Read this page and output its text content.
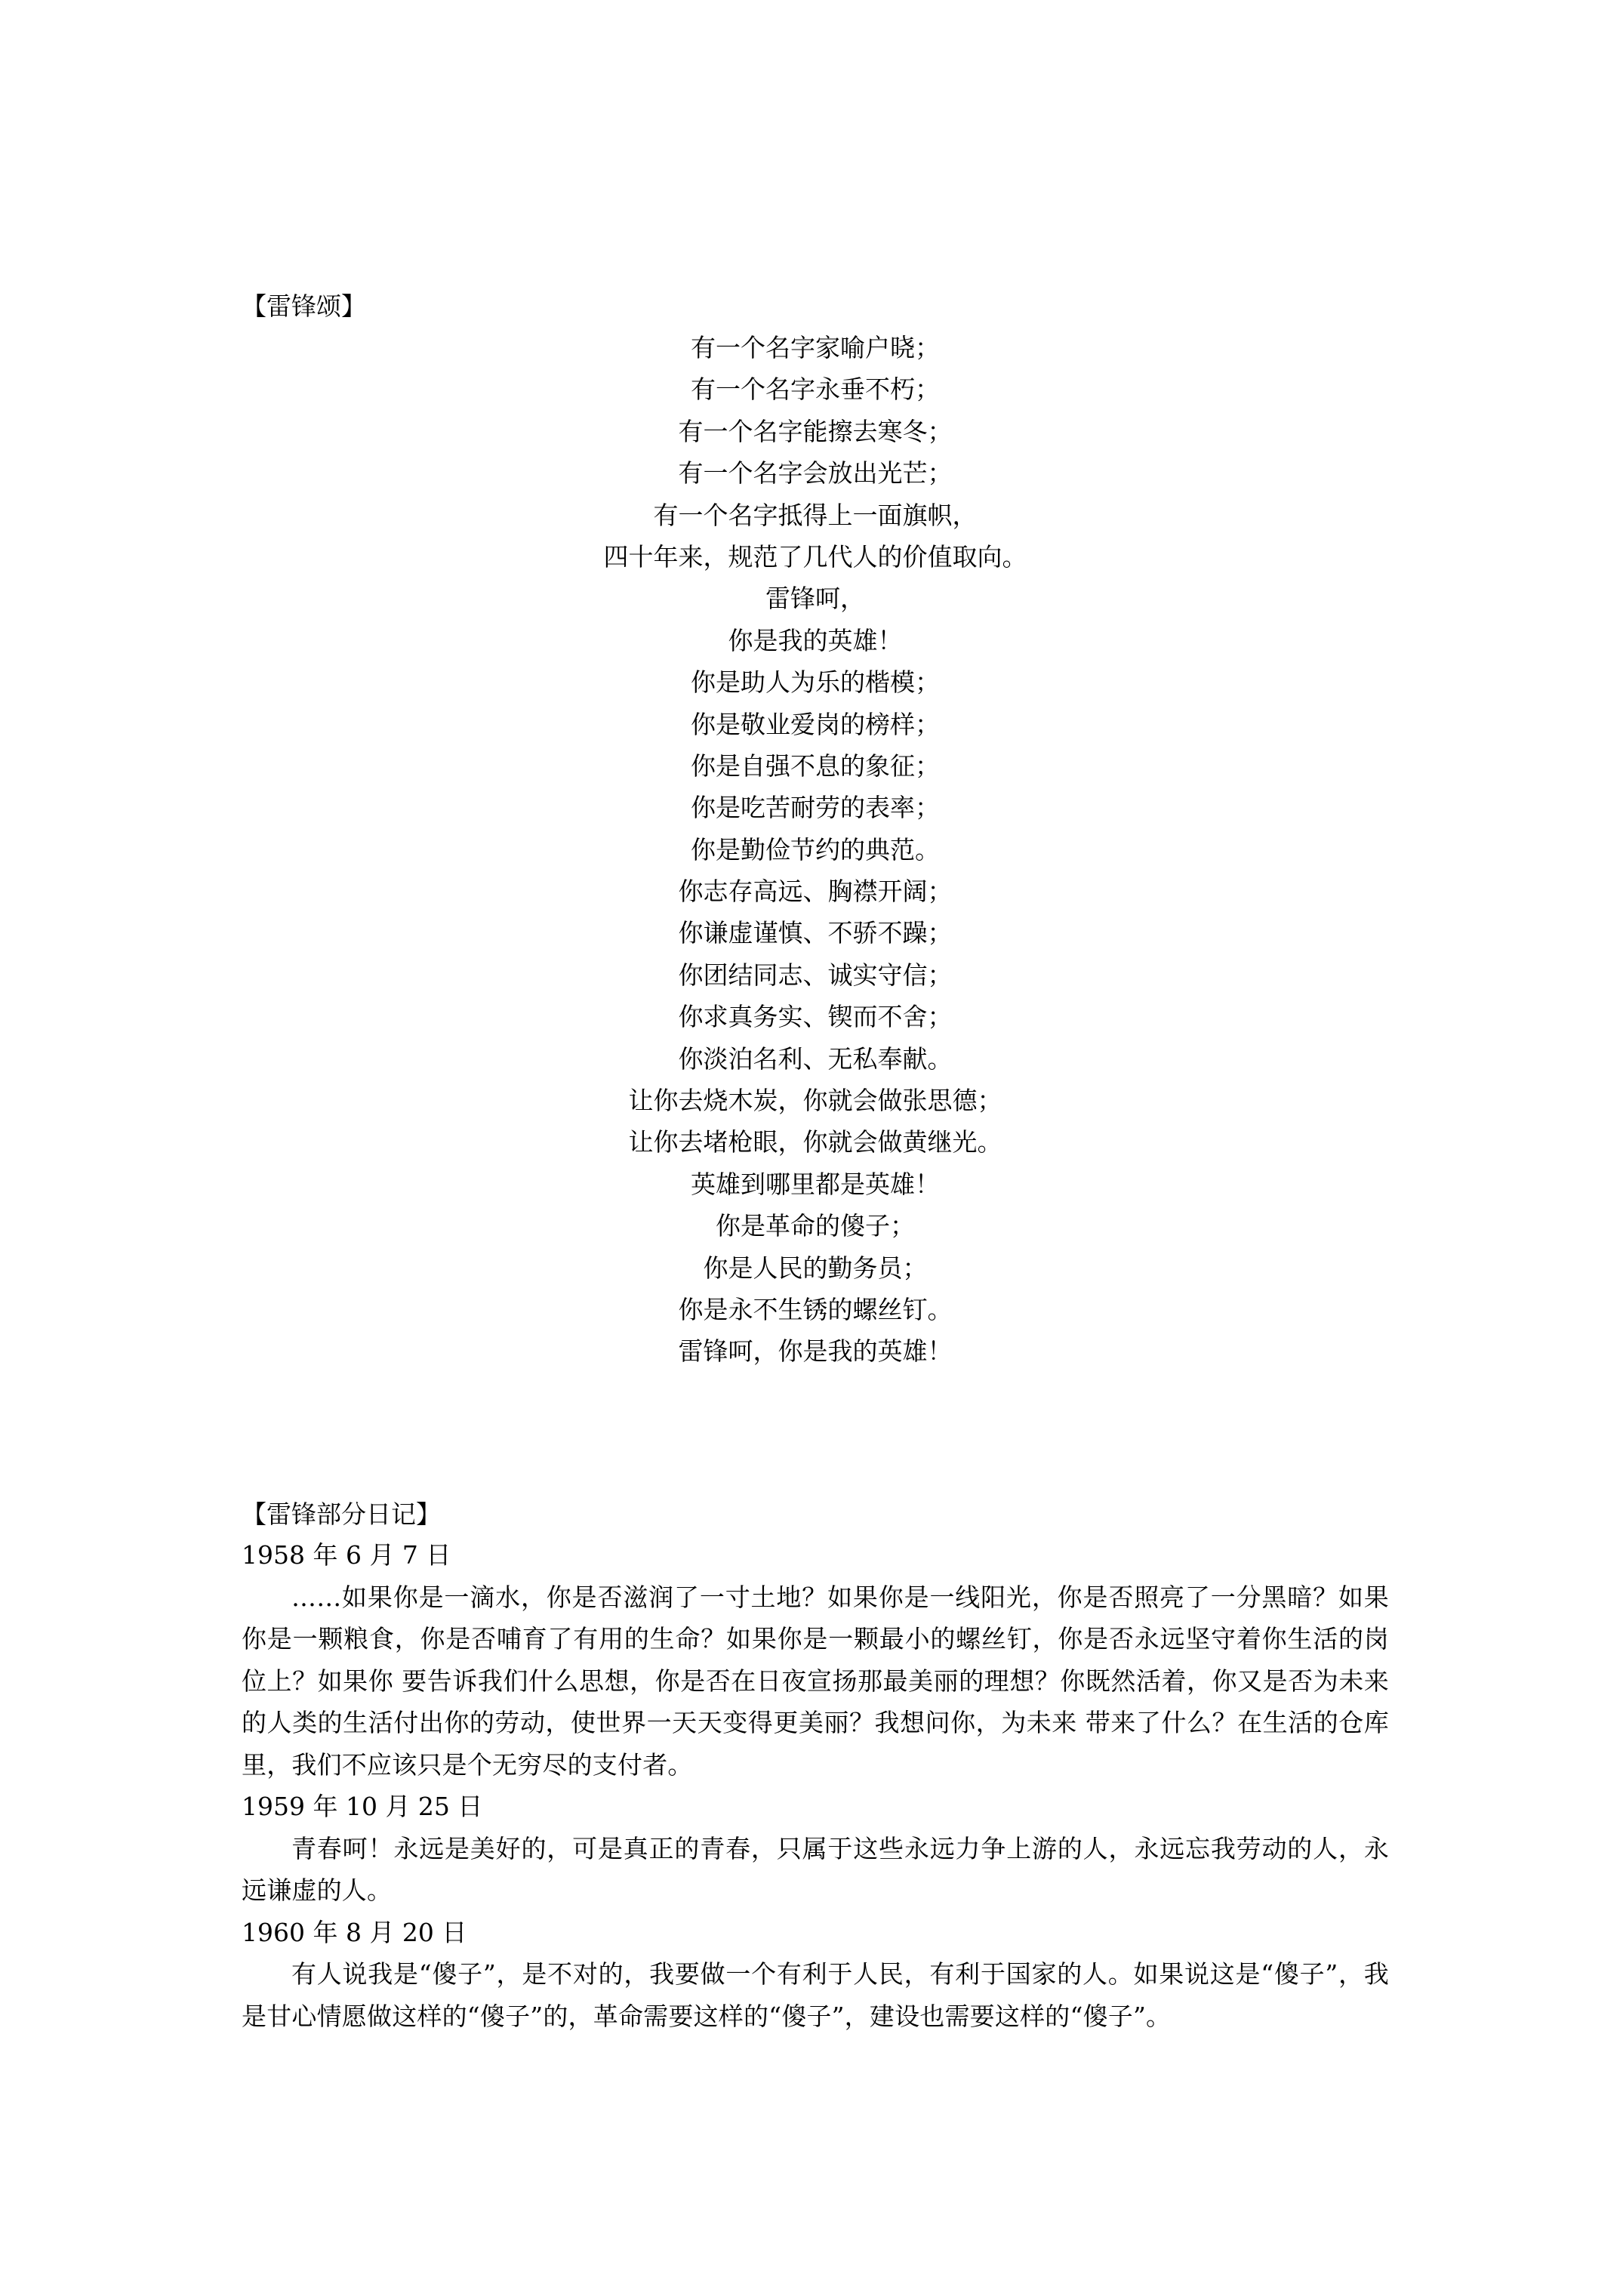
【雷锋颂】
有一个名字家喻户晓；
有一个名字永垂不朽；
有一个名字能擦去寒冬；
有一个名字会放出光芒；
有一个名字抵得上一面旗帜，
四十年来，规范了几代人的价值取向。
雷锋呵，
你是我的英雄！
你是助人为乐的楷模；
你是敬业爱岗的榜样；
你是自强不息的象征；
你是吃苦耐劳的表率；
你是勤俭节约的典范。
你志存高远、胸襟开阔；
你谦虚谨慎、不骄不躁；
你团结同志、诚实守信；
你求真务实、锲而不舍；
你淡泊名利、无私奉献。
让你去烧木炭，你就会做张思德；
让你去堵枪眼，你就会做黄继光。
英雄到哪里都是英雄！
你是革命的傻子；
你是人民的勤务员；
你是永不生锈的螺丝钉。
雷锋呵，你是我的英雄！
【雷锋部分日记】
1958 年 6 月 7 日

……如果你是一滴水，你是否滋润了一寸土地？如果你是一线阳光，你是否照亮了一分黑暗？如果你是一颗粮食，你是否哺育了有用的生命？如果你是一颗最小的螺丝钉，你是否永远坚守着你生活的岗位上？如果你 要告诉我们什么思想，你是否在日夜宣扬那最美丽的理想？你既然活着，你又是否为未来的人类的生活付出你的劳动，使世界一天天变得更美丽？我想问你，为未来 带来了什么？在生活的仓库里，我们不应该只是个无穷尽的支付者。

1959 年 10 月 25 日

青春呵！永远是美好的，可是真正的青春，只属于这些永远力争上游的人，永远忘我劳动的人，永远谦虚的人。

1960 年 8 月 20 日

有人说我是“傻子”，是不对的，我要做一个有利于人民，有利于国家的人。如果说这是“傻子”，我是甘心情愿做这样的“傻子”的，革命需要这样的“傻子”，建设也需要这样的“傻子”。
